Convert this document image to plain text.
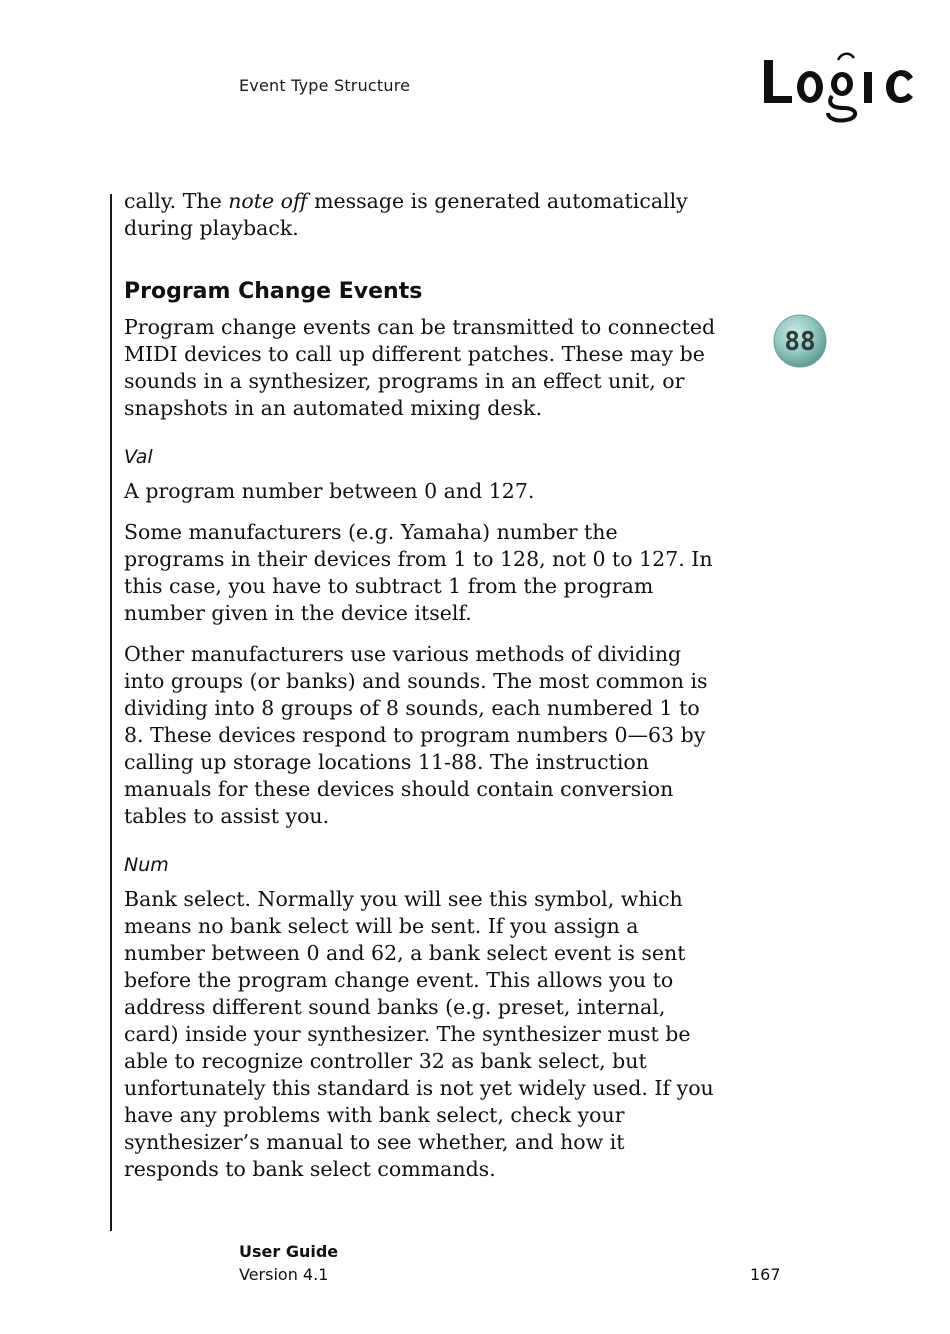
Event Type Structure

cally. The note off message is generated automatically during playback.

Program Change Events

Program change events can be transmitted to connected MIDI devices to call up different patches. These may be sounds in a synthesizer, programs in an effect unit, or snapshots in an automated mixing desk.

Val

A program number between 0 and 127.

Some manufacturers (e.g. Yamaha) number the programs in their devices from 1 to 128, not 0 to 127. In this case, you have to subtract 1 from the program number given in the device itself.

Other manufacturers use various methods of dividing into groups (or banks) and sounds. The most common is dividing into 8 groups of 8 sounds, each numbered 1 to 8. These devices respond to program numbers 0—63 by calling up storage locations 11-88. The instruction manuals for these devices should contain conversion tables to assist you.

Num

Bank select. Normally you will see this symbol, which means no bank select will be sent. If you assign a number between 0 and 62, a bank select event is sent before the program change event. This allows you to address different sound banks (e.g. preset, internal, card) inside your synthesizer. The synthesizer must be able to recognize controller 32 as bank select, but unfortunately this standard is not yet widely used. If you have any problems with bank select, check your synthesizer’s manual to see whether, and how it responds to bank select commands.

88
User Guide
Version 4.1	167
